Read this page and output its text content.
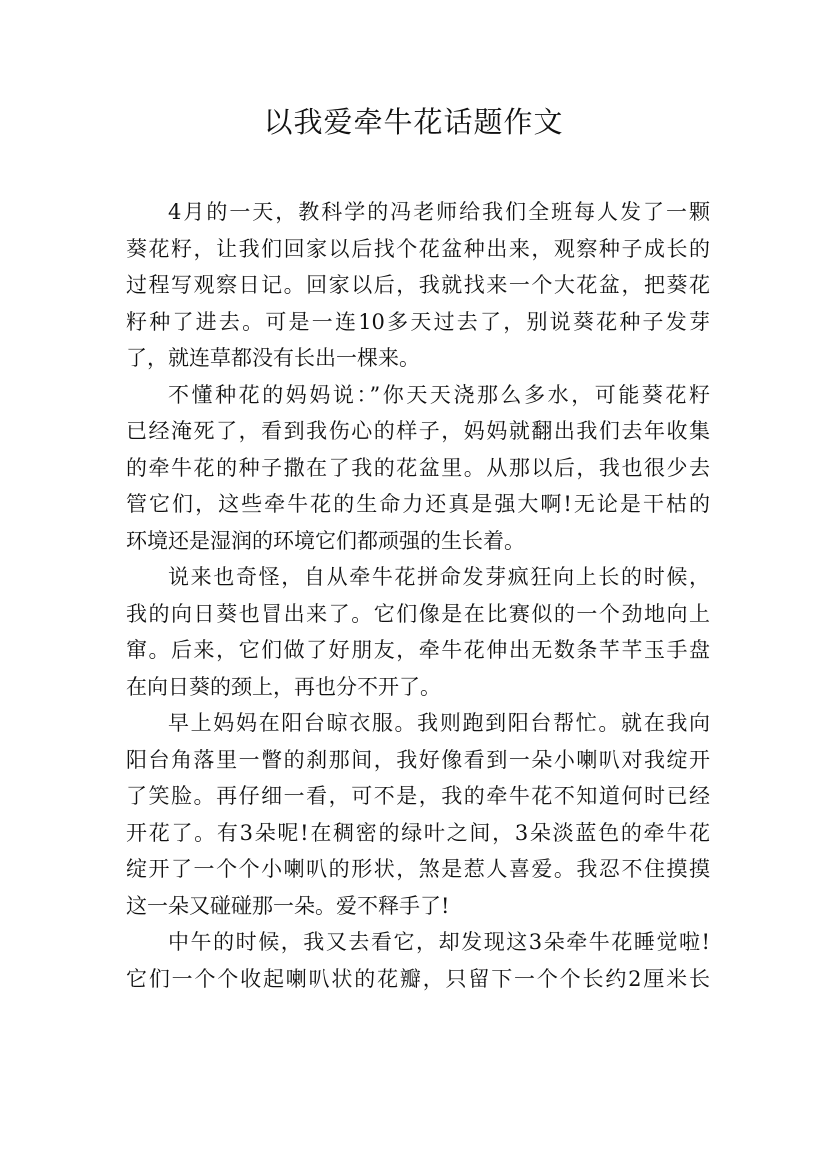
以我爱牵牛花话题作文
4月的一天，教科学的冯老师给我们全班每人发了一颗
葵花籽，让我们回家以后找个花盆种出来，观察种子成长的
过程写观察日记。回家以后，我就找来一个大花盆，把葵花
籽种了进去。可是一连10多天过去了，别说葵花种子发芽
了，就连草都没有长出一棵来。
不懂种花的妈妈说：”你天天浇那么多水，可能葵花籽
已经淹死了，看到我伤心的样子，妈妈就翻出我们去年收集
的牵牛花的种子撒在了我的花盆里。从那以后，我也很少去
管它们，这些牵牛花的生命力还真是强大啊!无论是干枯的
环境还是湿润的环境它们都顽强的生长着。
说来也奇怪，自从牵牛花拼命发芽疯狂向上长的时候，
我的向日葵也冒出来了。它们像是在比赛似的一个劲地向上
窜。后来，它们做了好朋友，牵牛花伸出无数条芊芊玉手盘
在向日葵的颈上，再也分不开了。
早上妈妈在阳台晾衣服。我则跑到阳台帮忙。就在我向
阳台角落里一瞥的刹那间，我好像看到一朵小喇叭对我绽开
了笑脸。再仔细一看，可不是，我的牵牛花不知道何时已经
开花了。有3朵呢!在稠密的绿叶之间，3朵淡蓝色的牵牛花
绽开了一个个小喇叭的形状，煞是惹人喜爱。我忍不住摸摸
这一朵又碰碰那一朵。爱不释手了!
中午的时候，我又去看它，却发现这3朵牵牛花睡觉啦!
它们一个个收起喇叭状的花瓣，只留下一个个长约2厘米长
